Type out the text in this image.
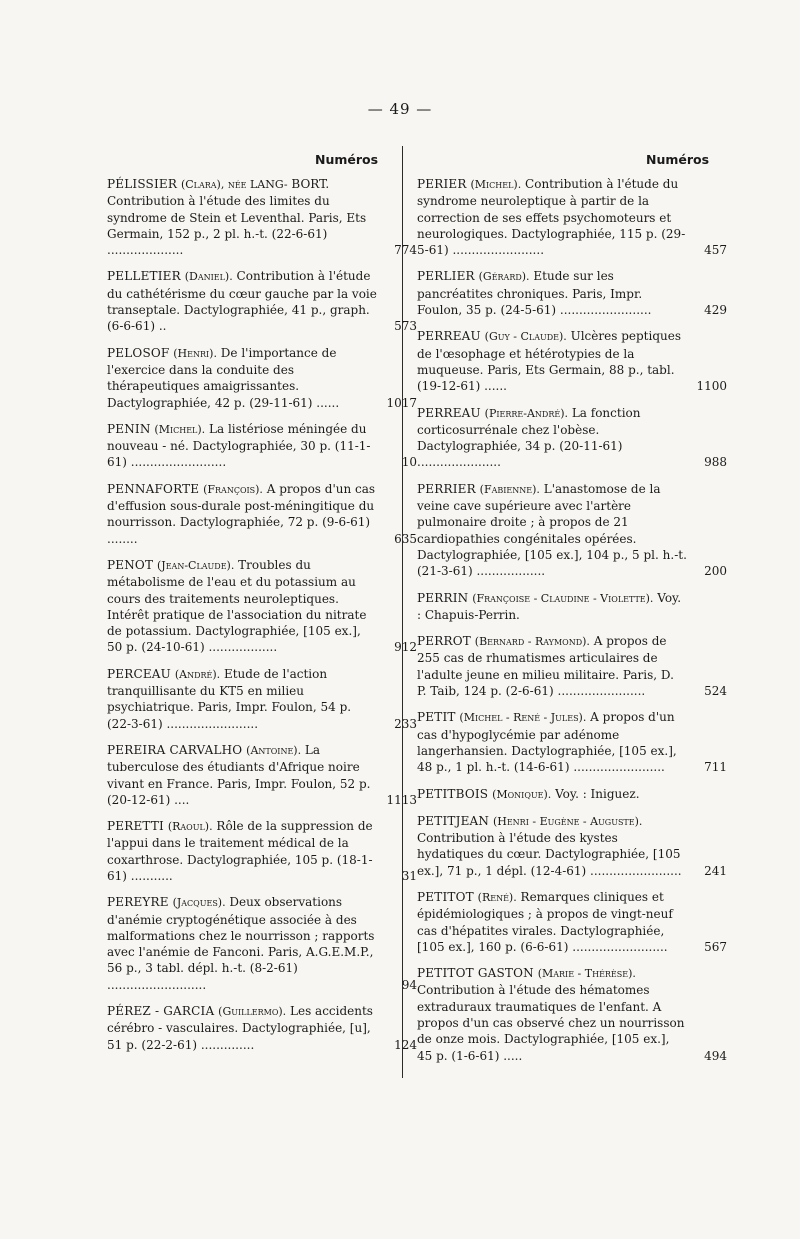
— 49 —
Numéros	Numéros
PÉLISSIER (Clara), née LANG- BORT. Contribution à l'étude des limites du syndrome de Stein et Leventhal. Paris, Ets Germain, 152 p., 2 pl. h.-t. (22-6-61) ....................	774
PELLETIER (Daniel). Contribution à l'étude du cathétérisme du cœur gauche par la voie transeptale. Dactylographiée, 41 p., graph. (6-6-61) ..	573
PELOSOF (Henri). De l'importance de l'exercice dans la conduite des thérapeutiques amaigrissantes. Dactylographiée, 42 p. (29-11-61) ......	1017
PENIN (Michel). La listériose méningée du nouveau - né. Dactylographiée, 30 p. (11-1-61) .........................	10
PENNAFORTE (François). A propos d'un cas d'effusion sous-durale post-méningitique du nourrisson. Dactylographiée, 72 p. (9-6-61) ........	635
PENOT (Jean-Claude). Troubles du métabolisme de l'eau et du potassium au cours des traitements neuroleptiques. Intérêt pratique de l'association du nitrate de potassium. Dactylographiée, [105 ex.], 50 p. (24-10-61) ..................	912
PERCEAU (André). Etude de l'action tranquillisante du KT5 en milieu psychiatrique. Paris, Impr. Foulon, 54 p. (22-3-61) ........................	233
PEREIRA CARVALHO (Antoine). La tuberculose des étudiants d'Afrique noire vivant en France. Paris, Impr. Foulon, 52 p. (20-12-61) ....	1113
PERETTI (Raoul). Rôle de la suppression de l'appui dans le traitement médical de la coxarthrose. Dactylographiée, 105 p. (18-1-61) ...........	31
PEREYRE (Jacques). Deux observations d'anémie cryptogénétique associée à des malformations chez le nourrisson ; rapports avec l'anémie de Fanconi. Paris, A.G.E.M.P., 56 p., 3 tabl. dépl. h.-t. (8-2-61) ..........................	94
PÉREZ - GARCIA (Guillermo). Les accidents cérébro - vasculaires. Dactylographiée, [u], 51 p. (22-2-61) ..............	124
PERIER (Michel). Contribution à l'étude du syndrome neuroleptique à partir de la correction de ses effets psychomoteurs et neurologiques. Dactylographiée, 115 p. (29-5-61) ........................	457
PERLIER (Gérard). Etude sur les pancréatites chroniques. Paris, Impr. Foulon, 35 p. (24-5-61) ........................	429
PERREAU (Guy - Claude). Ulcères peptiques de l'œsophage et hétérotypies de la muqueuse. Paris, Ets Germain, 88 p., tabl. (19-12-61) ......	1100
PERREAU (Pierre-André). La fonction corticosurrénale chez l'obèse. Dactylographiée, 34 p. (20-11-61) ......................	988
PERRIER (Fabienne). L'anastomose de la veine cave supérieure avec l'artère pulmonaire droite ; à propos de 21 cardiopathies congénitales opérées. Dactylographiée, [105 ex.], 104 p., 5 pl. h.-t. (21-3-61) ..................	200
PERRIN (Françoise - Claudine - Violette). Voy. : Chapuis-Perrin.
PERROT (Bernard - Raymond). A propos de 255 cas de rhumatismes articulaires de l'adulte jeune en milieu militaire. Paris, D. P. Taib, 124 p. (2-6-61) .......................	524
PETIT (Michel - René - Jules). A propos d'un cas d'hypoglycémie par adénome langerhansien. Dactylographiée, [105 ex.], 48 p., 1 pl. h.-t. (14-6-61) ........................	711
PETITBOIS (Monique). Voy. : Iniguez.
PETITJEAN (Henri - Eugène - Auguste). Contribution à l'étude des kystes hydatiques du cœur. Dactylographiée, [105 ex.], 71 p., 1 dépl. (12-4-61) ........................	241
PETITOT (René). Remarques cliniques et épidémiologiques ; à propos de vingt-neuf cas d'hépatites virales. Dactylographiée, [105 ex.], 160 p. (6-6-61) .........................	567
PETITOT GASTON (Marie - Thérèse). Contribution à l'étude des hématomes extraduraux traumatiques de l'enfant. A propos d'un cas observé chez un nourrisson de onze mois. Dactylographiée, [105 ex.], 45 p. (1-6-61) .....	494
